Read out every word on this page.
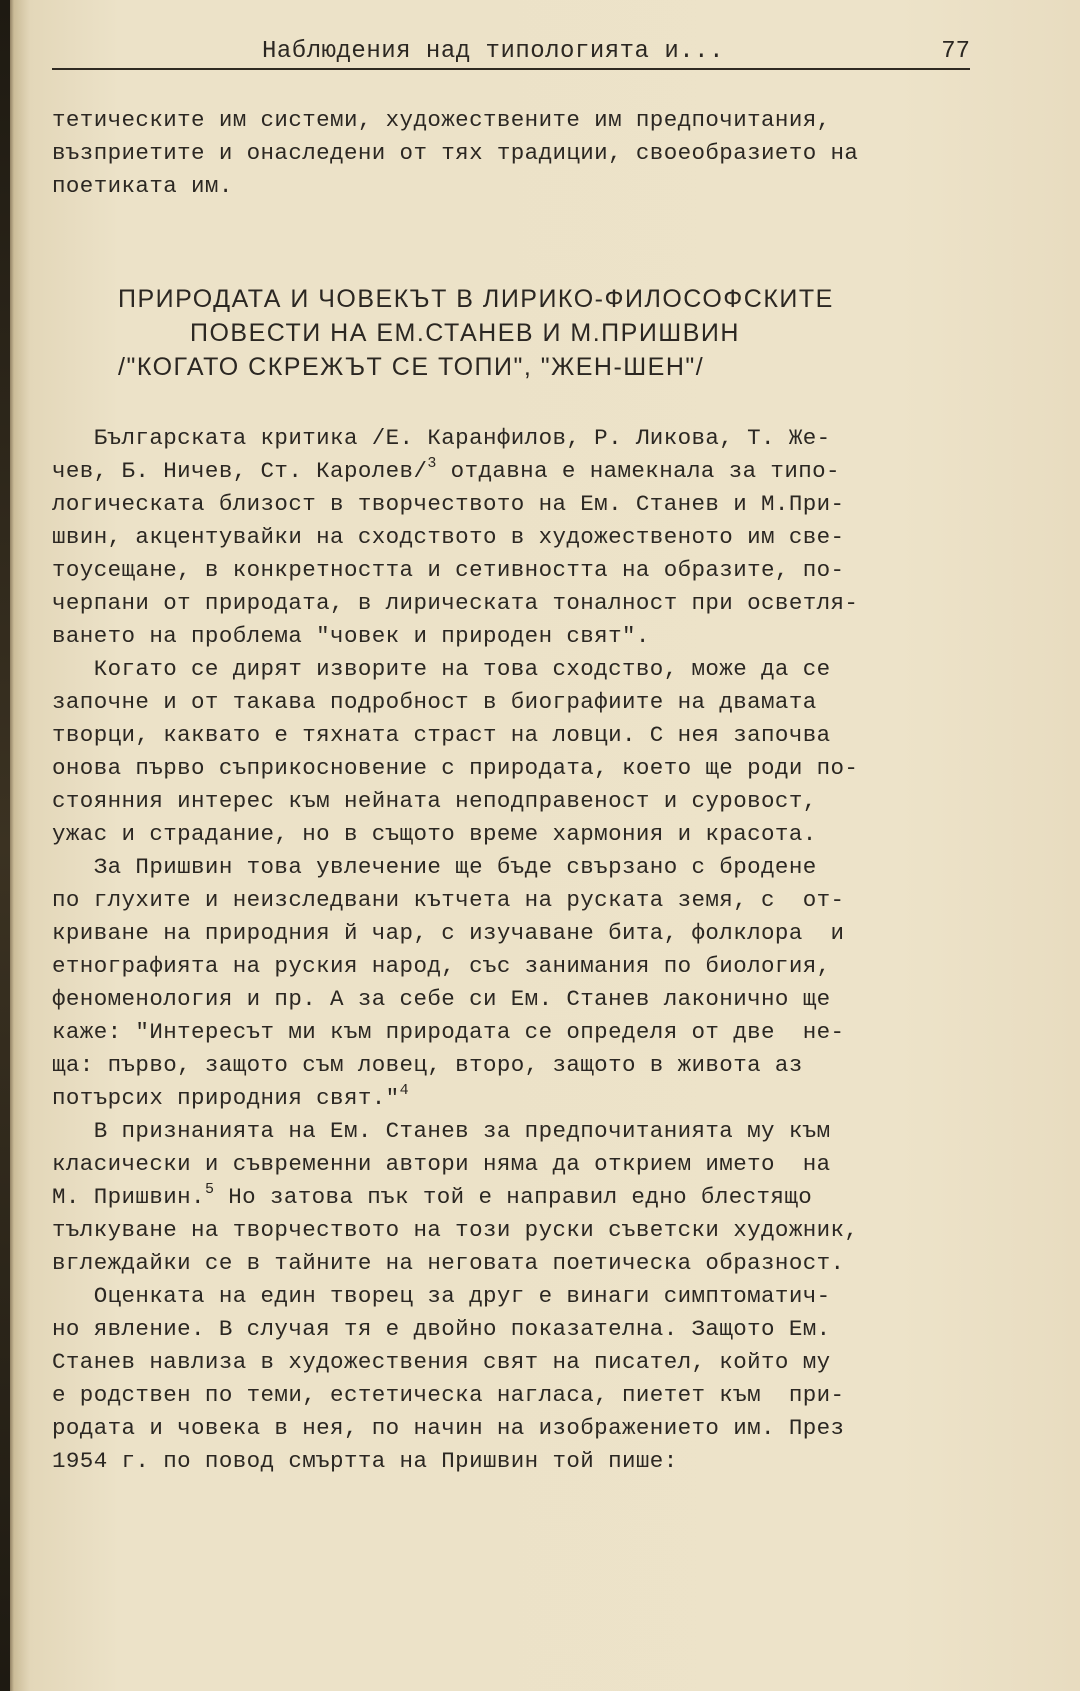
Наблюдения над типологията и...	77

тетическите им системи, художествените им предпочитания,

възприетите и онаследени от тях традиции, своеобразието на

поетиката им.

ПРИРОДАТА И ЧОВЕКЪТ В ЛИРИКО-ФИЛОСОФСКИТЕ
ПОВЕСТИ НА ЕМ.СТАНЕВ И М.ПРИШВИН
/"КОГАТО СКРЕЖЪТ СЕ ТОПИ", "ЖЕН-ШЕН"/

Българската критика /Е. Каранфилов, Р. Ликова, Т. Же-

чев, Б. Ничев, Ст. Каролев/$^3$ отдавна е намекнала за типо-

логическата близост в творчеството на Ем. Станев и М.При-

швин, акцентувайки на сходството в художественото им све-

тоусещане, в конкретността и сетивността на образите, по-

черпани от природата, в лирическата тоналност при осветля-

ването на проблема "човек и природен свят".

Когато се дирят изворите на това сходство, може да се

започне и от такава подробност в биографиите на двамата

творци, каквато е тяхната страст на ловци. С нея започва

онова първо съприкосновение с природата, което ще роди по-

стоянния интерес към нейната неподправеност и суровост,

ужас и страдание, но в същото време хармония и красота.

За Пришвин това увлечение ще бъде свързано с бродене

по глухите и неизследвани кътчета на руската земя, с  от-

криване на природния й чар, с изучаване бита, фолклора  и

етнографията на руския народ, със занимания по биология,

феноменология и пр. А за себе си Ем. Станев лаконично ще

каже: "Интересът ми към природата се определя от две  не-

ща: първо, защото съм ловец, второ, защото в живота аз

потърсих природния свят."$^4$

В признанията на Ем. Станев за предпочитанията му към

класически и съвременни автори няма да открием името  на

М. Пришвин.$^5$ Но затова пък той е направил едно блестящо

тълкуване на творчеството на този руски съветски художник,

вглеждайки се в тайните на неговата поетическа образност.

Оценката на един творец за друг е винаги симптоматич-

но явление. В случая тя е двойно показателна. Защото Ем.

Станев навлиза в художествения свят на писател, който му

е родствен по теми, естетическа нагласа, пиетет към  при-

родата и човека в нея, по начин на изображението им. През

1954 г. по повод смъртта на Пришвин той пише:
